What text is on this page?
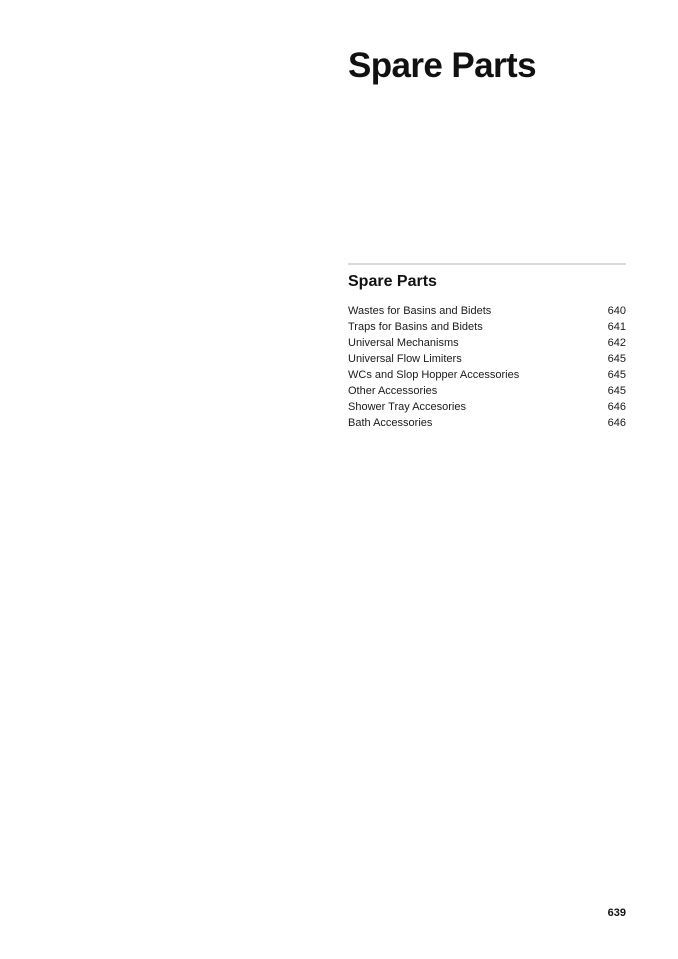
Spare Parts
Spare Parts
Wastes for Basins and Bidets	640
Traps for Basins and Bidets	641
Universal Mechanisms	642
Universal Flow Limiters	645
WCs and Slop Hopper Accessories	645
Other Accessories	645
Shower Tray Accesories	646
Bath Accessories	646
639
